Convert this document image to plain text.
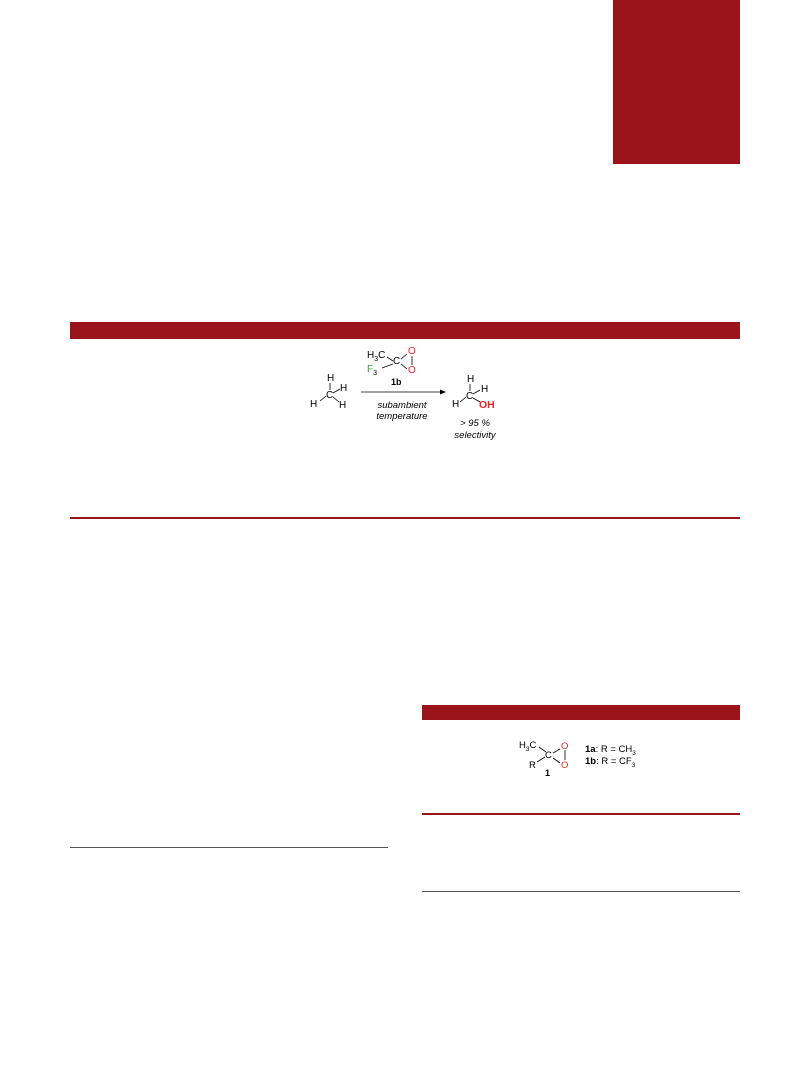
$H_3C$
C
O
O
$F_3$
1b
H
C
H
H H	subambient
temperature
H
C
H
H OH
> 95 %
selectivity
$H_3C$
C
O
O
R
1
1a: $R = CH_3$
1b: $R = CF_3$
